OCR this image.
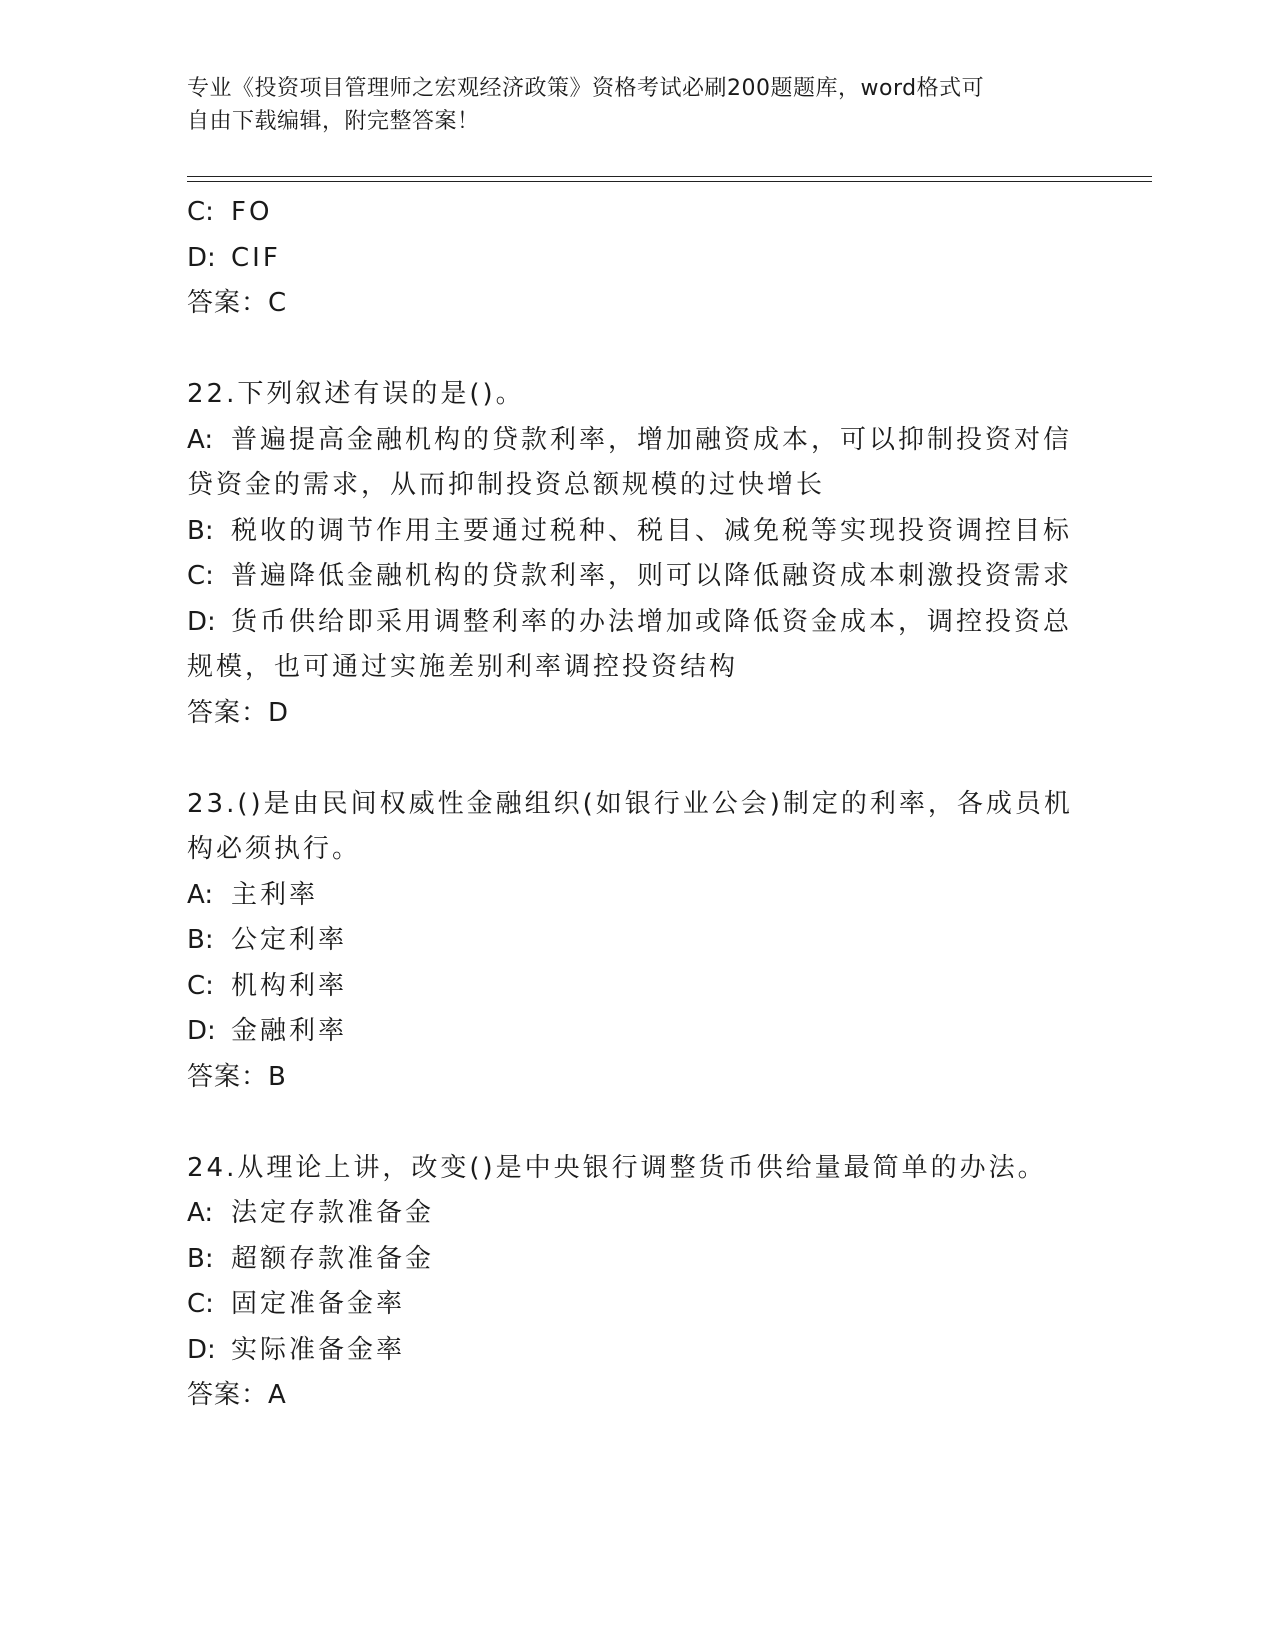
专业《投资项目管理师之宏观经济政策》资格考试必刷200题题库，word格式可
自由下载编辑，附完整答案！
C: FO
D: CIF
答案：C
22.下列叙述有误的是()。
A: 普遍提高金融机构的贷款利率，增加融资成本，可以抑制投资对信
贷资金的需求，从而抑制投资总额规模的过快增长
B: 税收的调节作用主要通过税种、税目、减免税等实现投资调控目标
C: 普遍降低金融机构的贷款利率，则可以降低融资成本刺激投资需求
D: 货币供给即采用调整利率的办法增加或降低资金成本，调控投资总
规模，也可通过实施差别利率调控投资结构
答案：D
23.()是由民间权威性金融组织(如银行业公会)制定的利率，各成员机
构必须执行。
A: 主利率
B: 公定利率
C: 机构利率
D: 金融利率
答案：B
24.从理论上讲，改变()是中央银行调整货币供给量最简单的办法。
A: 法定存款准备金
B: 超额存款准备金
C: 固定准备金率
D: 实际准备金率
答案：A
